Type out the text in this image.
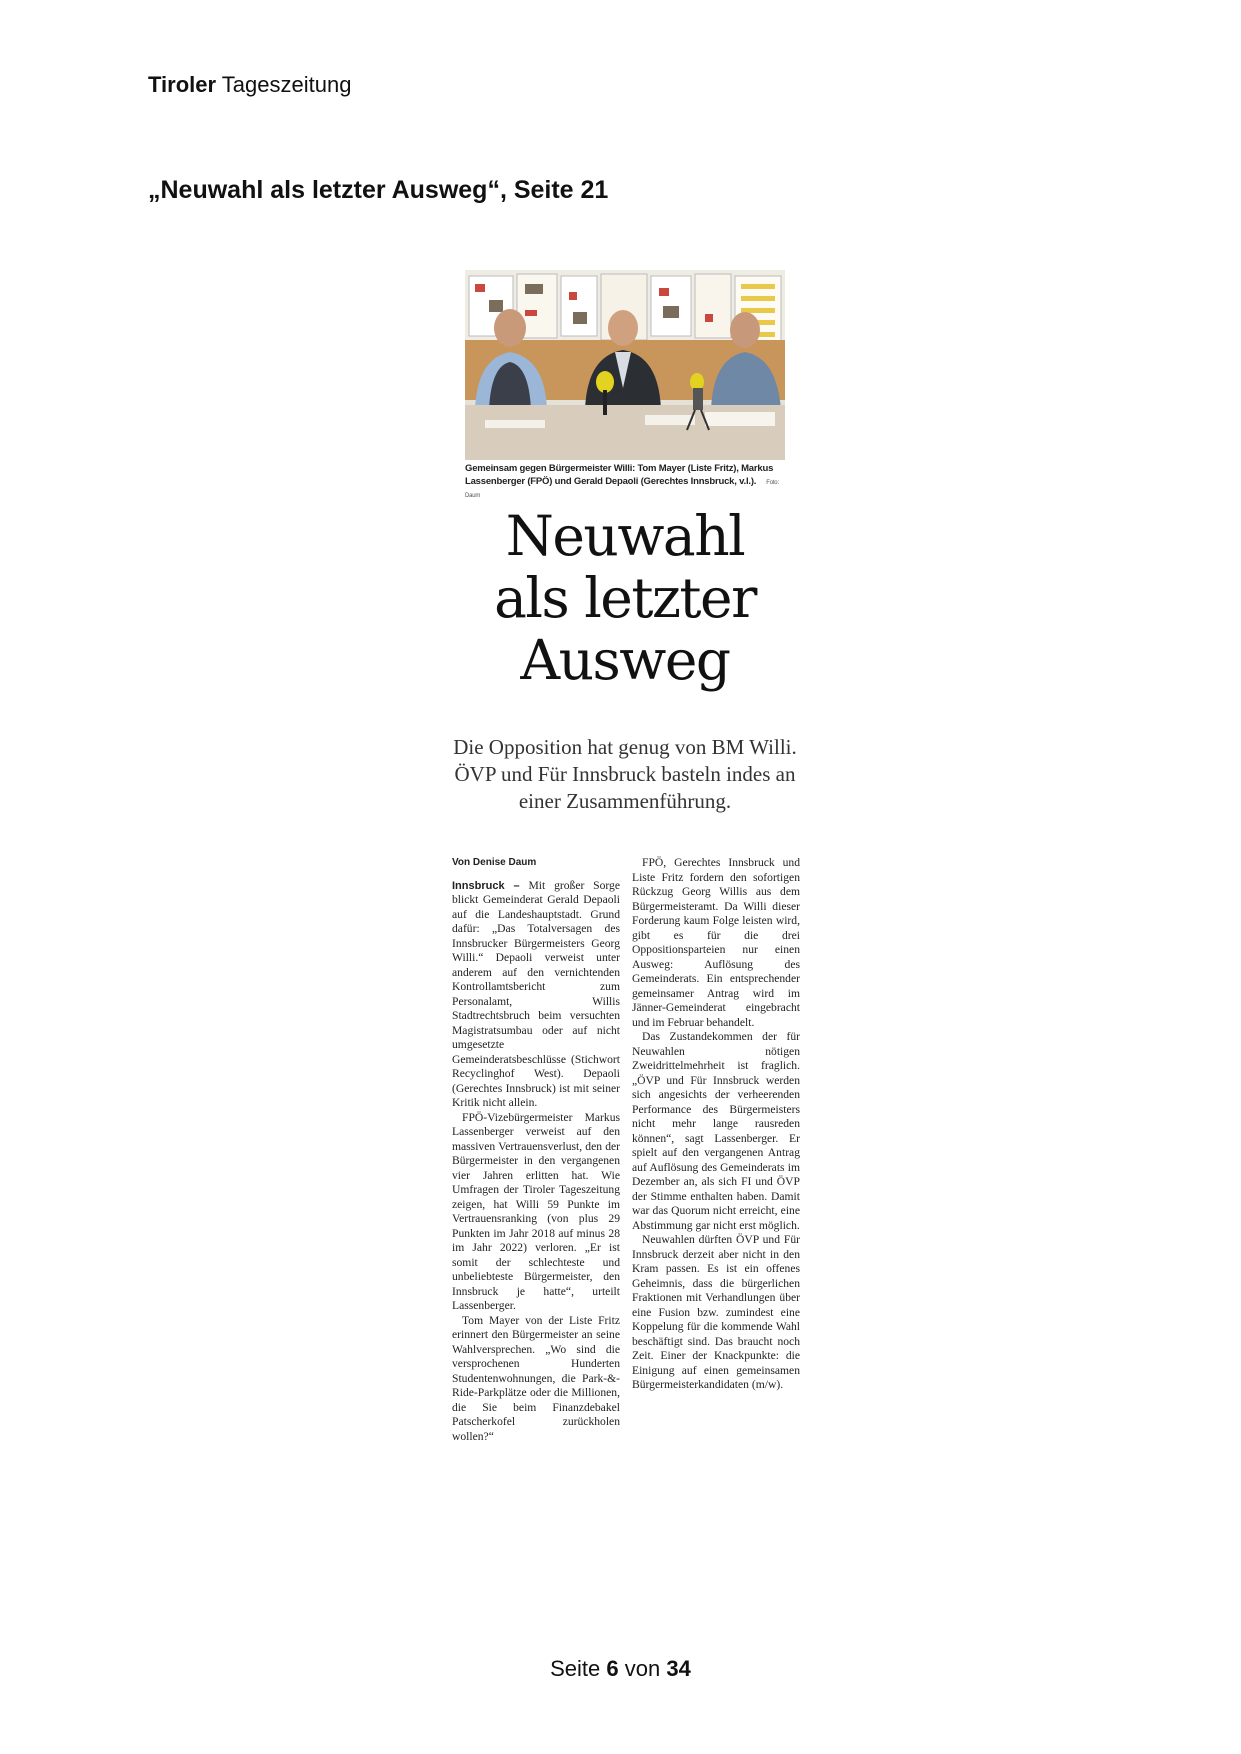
Tiroler Tageszeitung
„Neuwahl als letzter Ausweg“, Seite 21
Gemeinsam gegen Bürgermeister Willi: Tom Mayer (Liste Fritz), Markus Lassenberger (FPÖ) und Gerald Depaoli (Gerechtes Innsbruck, v.l.). Foto: Daum
Neuwahl
als letzter
Ausweg
Die Opposition hat genug von BM Willi. ÖVP und Für Innsbruck basteln indes an einer Zusammenführung.
Von Denise Daum

Innsbruck – Mit großer Sorge blickt Gemeinderat Gerald Depaoli auf die Landeshauptstadt. Grund dafür: „Das Totalversagen des Innsbrucker Bürgermeisters Georg Willi.“ Depaoli verweist unter anderem auf den vernichtenden Kontrollamtsbericht zum Personalamt, Willis Stadtrechtsbruch beim versuchten Magistratsumbau oder auf nicht umgesetzte Gemeinderatsbeschlüsse (Stichwort Recyclinghof West). Depaoli (Gerechtes Innsbruck) ist mit seiner Kritik nicht allein.

FPÖ-Vizebürgermeister Markus Lassenberger verweist auf den massiven Vertrauensverlust, den der Bürgermeister in den vergangenen vier Jahren erlitten hat. Wie Umfragen der Tiroler Tageszeitung zeigen, hat Willi 59 Punkte im Vertrauensranking (von plus 29 Punkten im Jahr 2018 auf minus 28 im Jahr 2022) verloren. „Er ist somit der schlechteste und unbeliebteste Bürgermeister, den Innsbruck je hatte“, urteilt Lassenberger.

Tom Mayer von der Liste Fritz erinnert den Bürgermeister an seine Wahlversprechen. „Wo sind die versprochenen Hunderten Studentenwohnungen, die Park-&-Ride-Parkplätze oder die Millionen, die Sie beim Finanzdebakel Patscherkofel zurückholen wollen?“

FPÖ, Gerechtes Innsbruck und Liste Fritz fordern den sofortigen Rückzug Georg Willis aus dem Bürgermeisteramt. Da Willi dieser Forderung kaum Folge leisten wird, gibt es für die drei Oppositionsparteien nur einen Ausweg: Auflösung des Gemeinderats. Ein entsprechender gemeinsamer Antrag wird im Jänner-Gemeinderat eingebracht und im Februar behandelt.

Das Zustandekommen der für Neuwahlen nötigen Zweidrittelmehrheit ist fraglich. „ÖVP und Für Innsbruck werden sich angesichts der verheerenden Performance des Bürgermeisters nicht mehr lange rausreden können“, sagt Lassenberger. Er spielt auf den vergangenen Antrag auf Auflösung des Gemeinderats im Dezember an, als sich FI und ÖVP der Stimme enthalten haben. Damit war das Quorum nicht erreicht, eine Abstimmung gar nicht erst möglich.

Neuwahlen dürften ÖVP und Für Innsbruck derzeit aber nicht in den Kram passen. Es ist ein offenes Geheimnis, dass die bürgerlichen Fraktionen mit Verhandlungen über eine Fusion bzw. zumindest eine Koppelung für die kommende Wahl beschäftigt sind. Das braucht noch Zeit. Einer der Knackpunkte: die Einigung auf einen gemeinsamen Bürgermeisterkandidaten (m/w).

Seite 6 von 34
